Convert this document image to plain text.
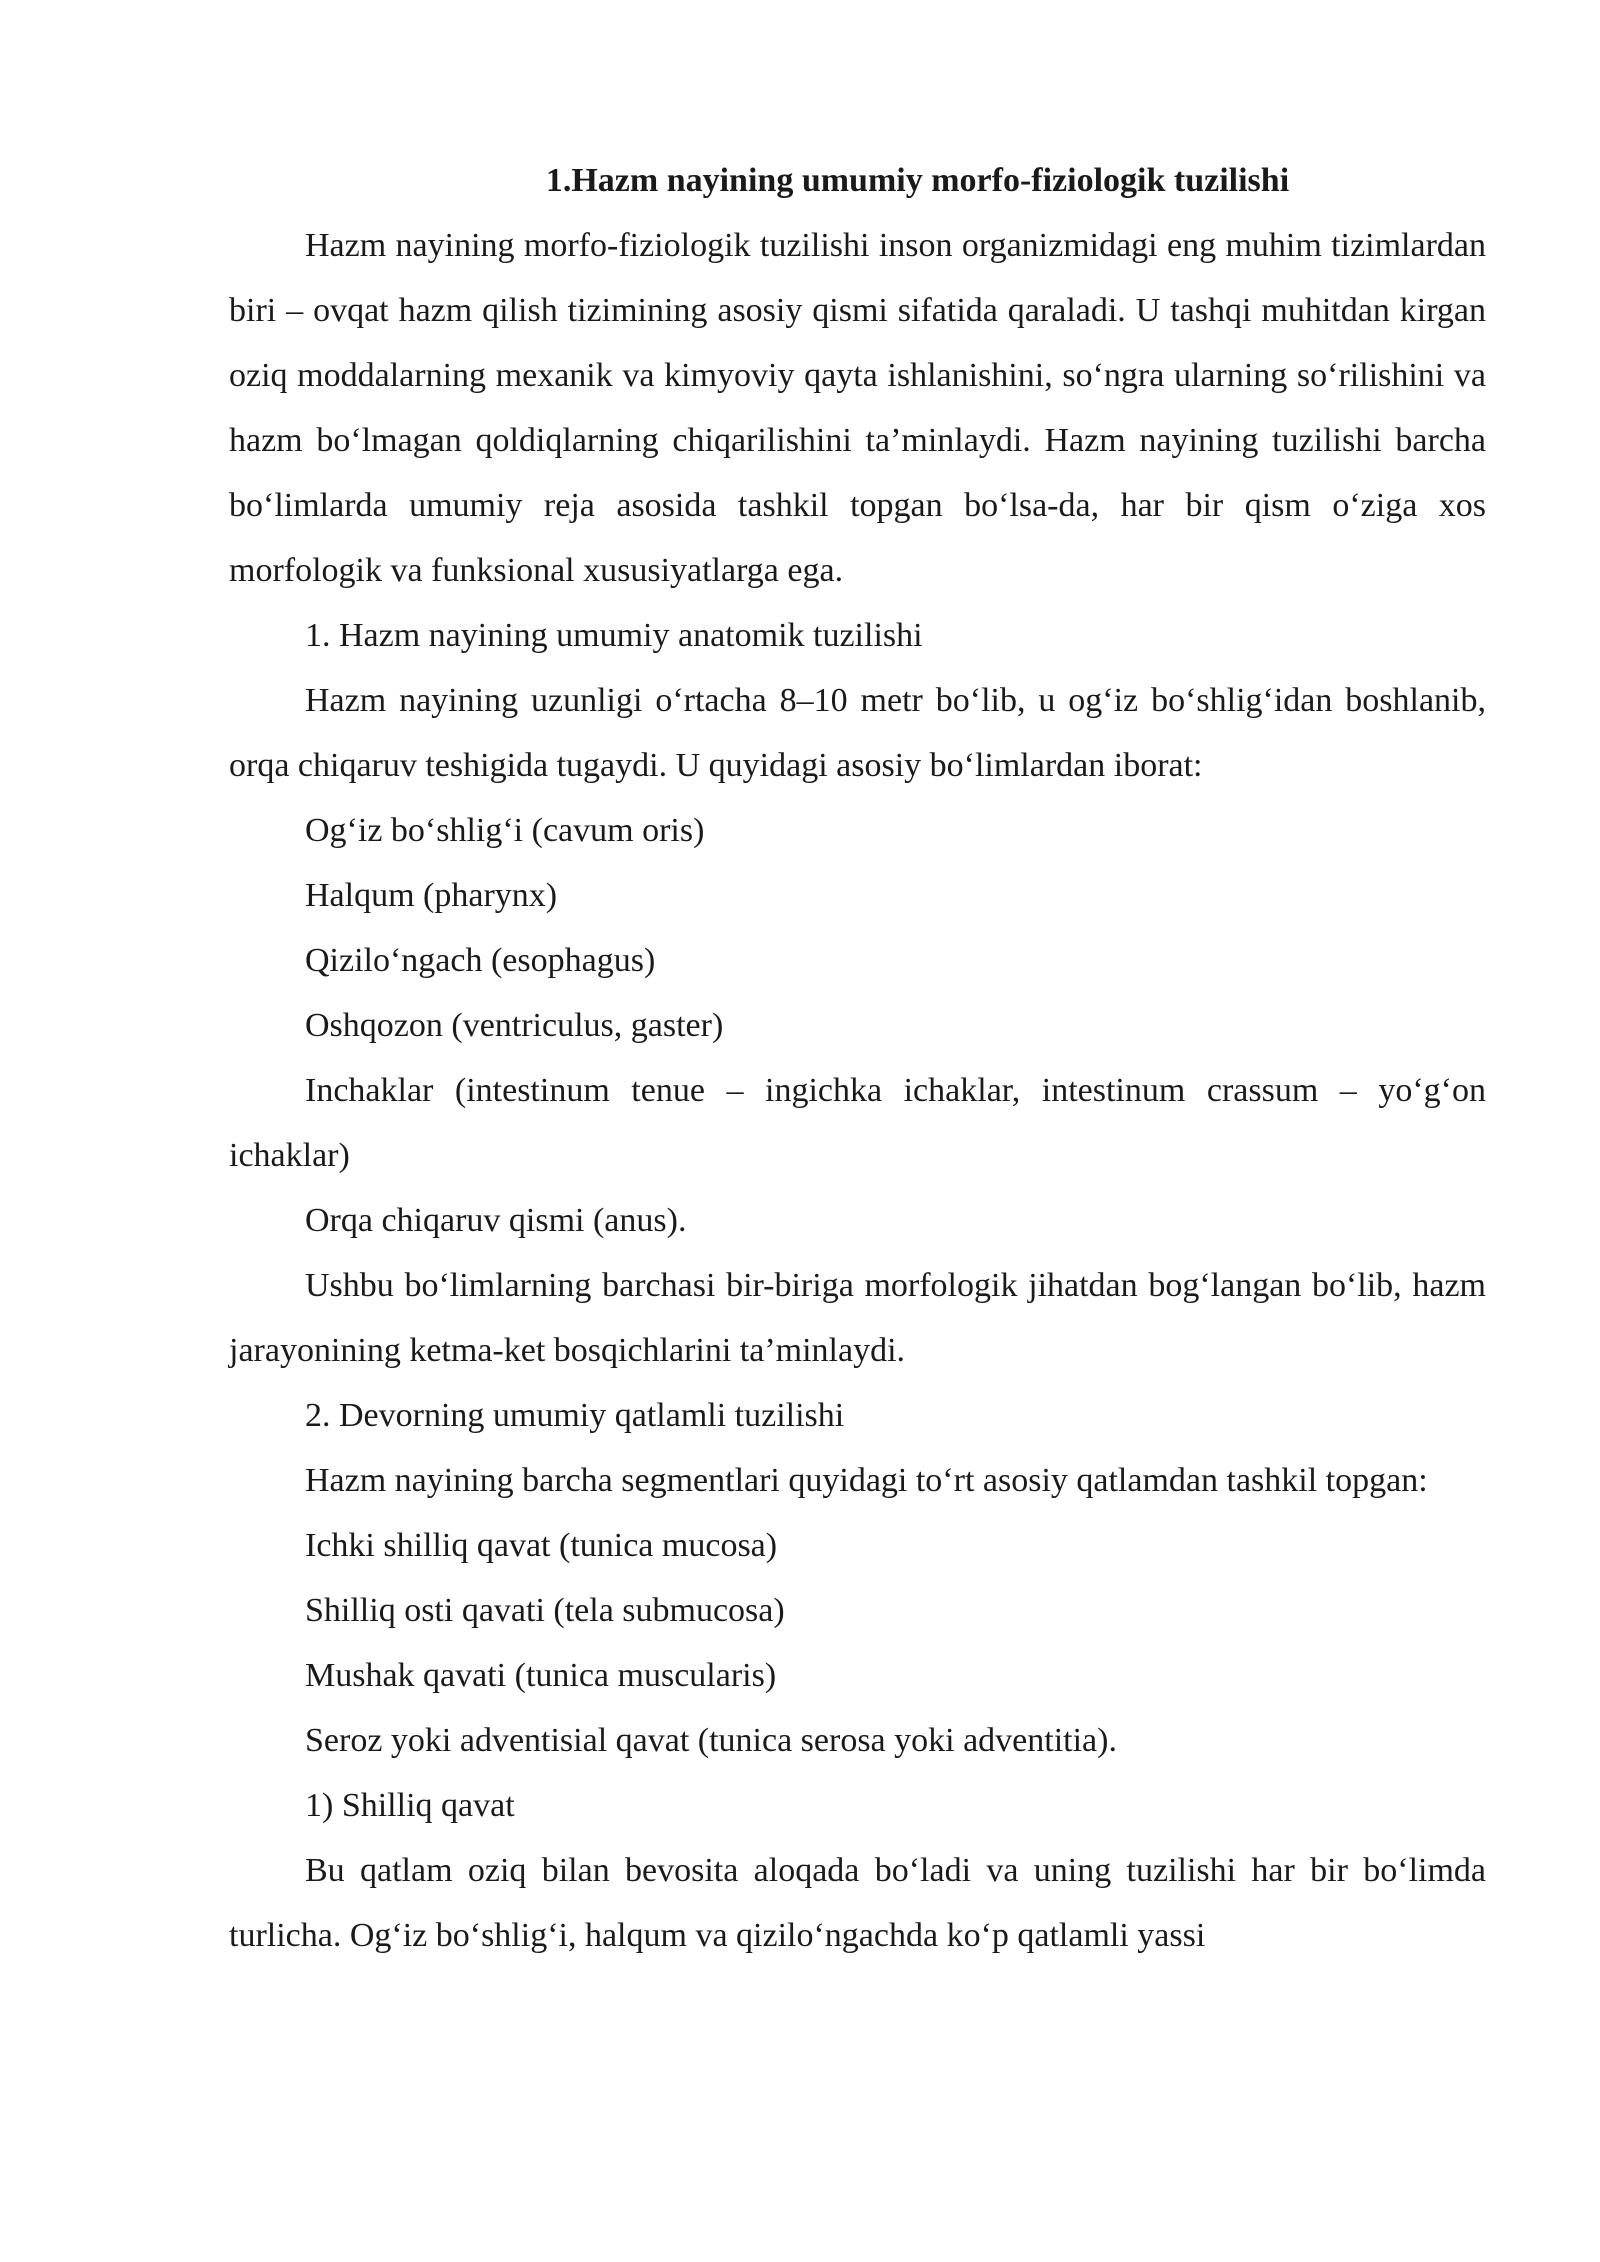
1.Hazm nayining umumiy morfo-fiziologik tuzilishi

Hazm nayining morfo-fiziologik tuzilishi inson organizmidagi eng muhim tizimlardan biri – ovqat hazm qilish tizimining asosiy qismi sifatida qaraladi. U tashqi muhitdan kirgan oziq moddalarning mexanik va kimyoviy qayta ishlanishini, so‘ngra ularning so‘rilishini va hazm bo‘lmagan qoldiqlarning chiqarilishini ta’minlaydi. Hazm nayining tuzilishi barcha bo‘limlarda umumiy reja asosida tashkil topgan bo‘lsa-da, har bir qism o‘ziga xos morfologik va funksional xususiyatlarga ega.

1. Hazm nayining umumiy anatomik tuzilishi

Hazm nayining uzunligi o‘rtacha 8–10 metr bo‘lib, u og‘iz bo‘shlig‘idan boshlanib, orqa chiqaruv teshigida tugaydi. U quyidagi asosiy bo‘limlardan iborat:

Og‘iz bo‘shlig‘i (cavum oris)

Halqum (pharynx)

Qizilo‘ngach (esophagus)

Oshqozon (ventriculus, gaster)

Inchaklar (intestinum tenue – ingichka ichaklar, intestinum crassum – yo‘g‘on ichaklar)

Orqa chiqaruv qismi (anus).

Ushbu bo‘limlarning barchasi bir-biriga morfologik jihatdan bog‘langan bo‘lib, hazm jarayonining ketma-ket bosqichlarini ta’minlaydi.

2. Devorning umumiy qatlamli tuzilishi

Hazm nayining barcha segmentlari quyidagi to‘rt asosiy qatlamdan tashkil topgan:

Ichki shilliq qavat (tunica mucosa)

Shilliq osti qavati (tela submucosa)

Mushak qavati (tunica muscularis)

Seroz yoki adventisial qavat (tunica serosa yoki adventitia).

1) Shilliq qavat

Bu qatlam oziq bilan bevosita aloqada bo‘ladi va uning tuzilishi har bir bo‘limda turlicha. Og‘iz bo‘shlig‘i, halqum va qizilo‘ngachda ko‘p qatlamli yassi
